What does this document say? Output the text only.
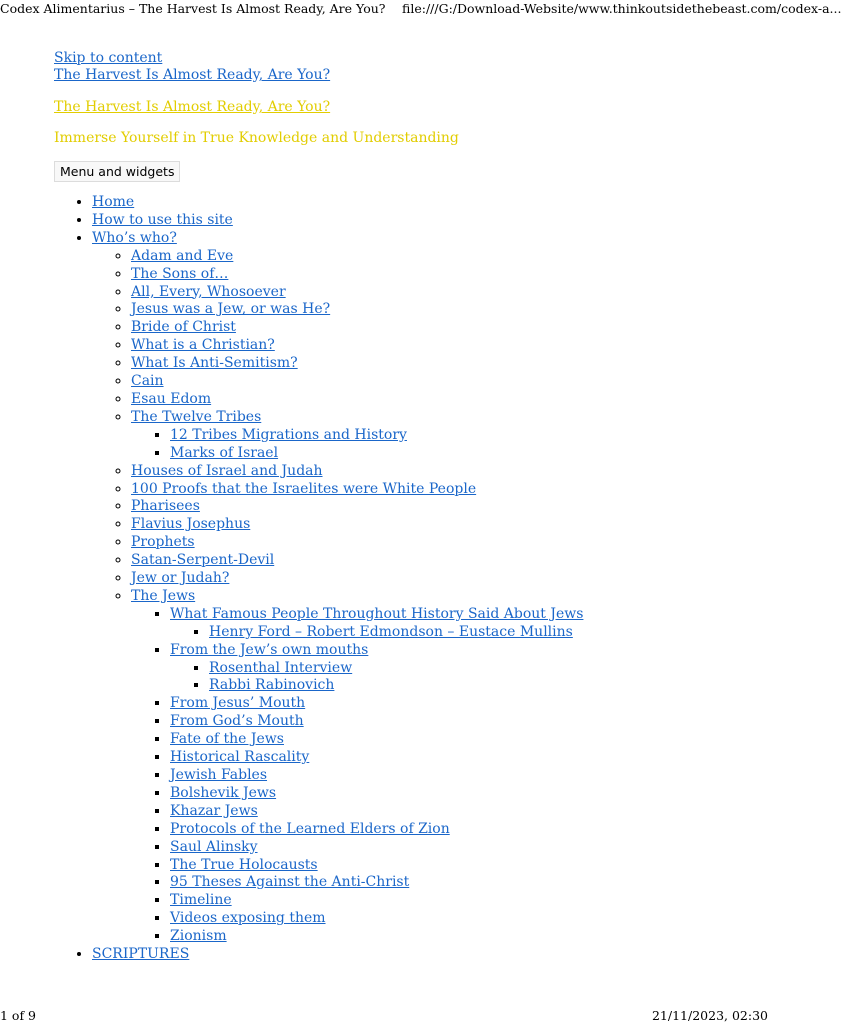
Codex Alimentarius – The Harvest Is Almost Ready, Are You? file:///G:/Download-Website/www.thinkoutsidethebeast.com/codex-a...
Skip to content
The Harvest Is Almost Ready, Are You?

The Harvest Is Almost Ready, Are You?

Immerse Yourself in True Knowledge and Understanding

Menu and widgets
• Home
• How to use this site
• Who’s who?
◦ Adam and Eve
◦ The Sons of…
◦ All, Every, Whosoever
◦ Jesus was a Jew, or was He?
◦ Bride of Christ
◦ What is a Christian?
◦ What Is Anti-Semitism?
◦ Cain
◦ Esau Edom
◦ The Twelve Tribes
▪ 12 Tribes Migrations and History
▪ Marks of Israel
◦ Houses of Israel and Judah
◦ 100 Proofs that the Israelites were White People
◦ Pharisees
◦ Flavius Josephus
◦ Prophets
◦ Satan-Serpent-Devil
◦ Jew or Judah?
◦ The Jews
▪ What Famous People Throughout History Said About Jews
▪ Henry Ford – Robert Edmondson – Eustace Mullins
▪ From the Jew’s own mouths
▪ Rosenthal Interview
▪ Rabbi Rabinovich
▪ From Jesus’ Mouth
▪ From God’s Mouth
▪ Fate of the Jews
▪ Historical Rascality
▪ Jewish Fables
▪ Bolshevik Jews
▪ Khazar Jews
▪ Protocols of the Learned Elders of Zion
▪ Saul Alinsky
▪ The True Holocausts
▪ 95 Theses Against the Anti-Christ
▪ Timeline
▪ Videos exposing them
▪ Zionism
• SCRIPTURES
1 of 9	21/11/2023, 02:30
